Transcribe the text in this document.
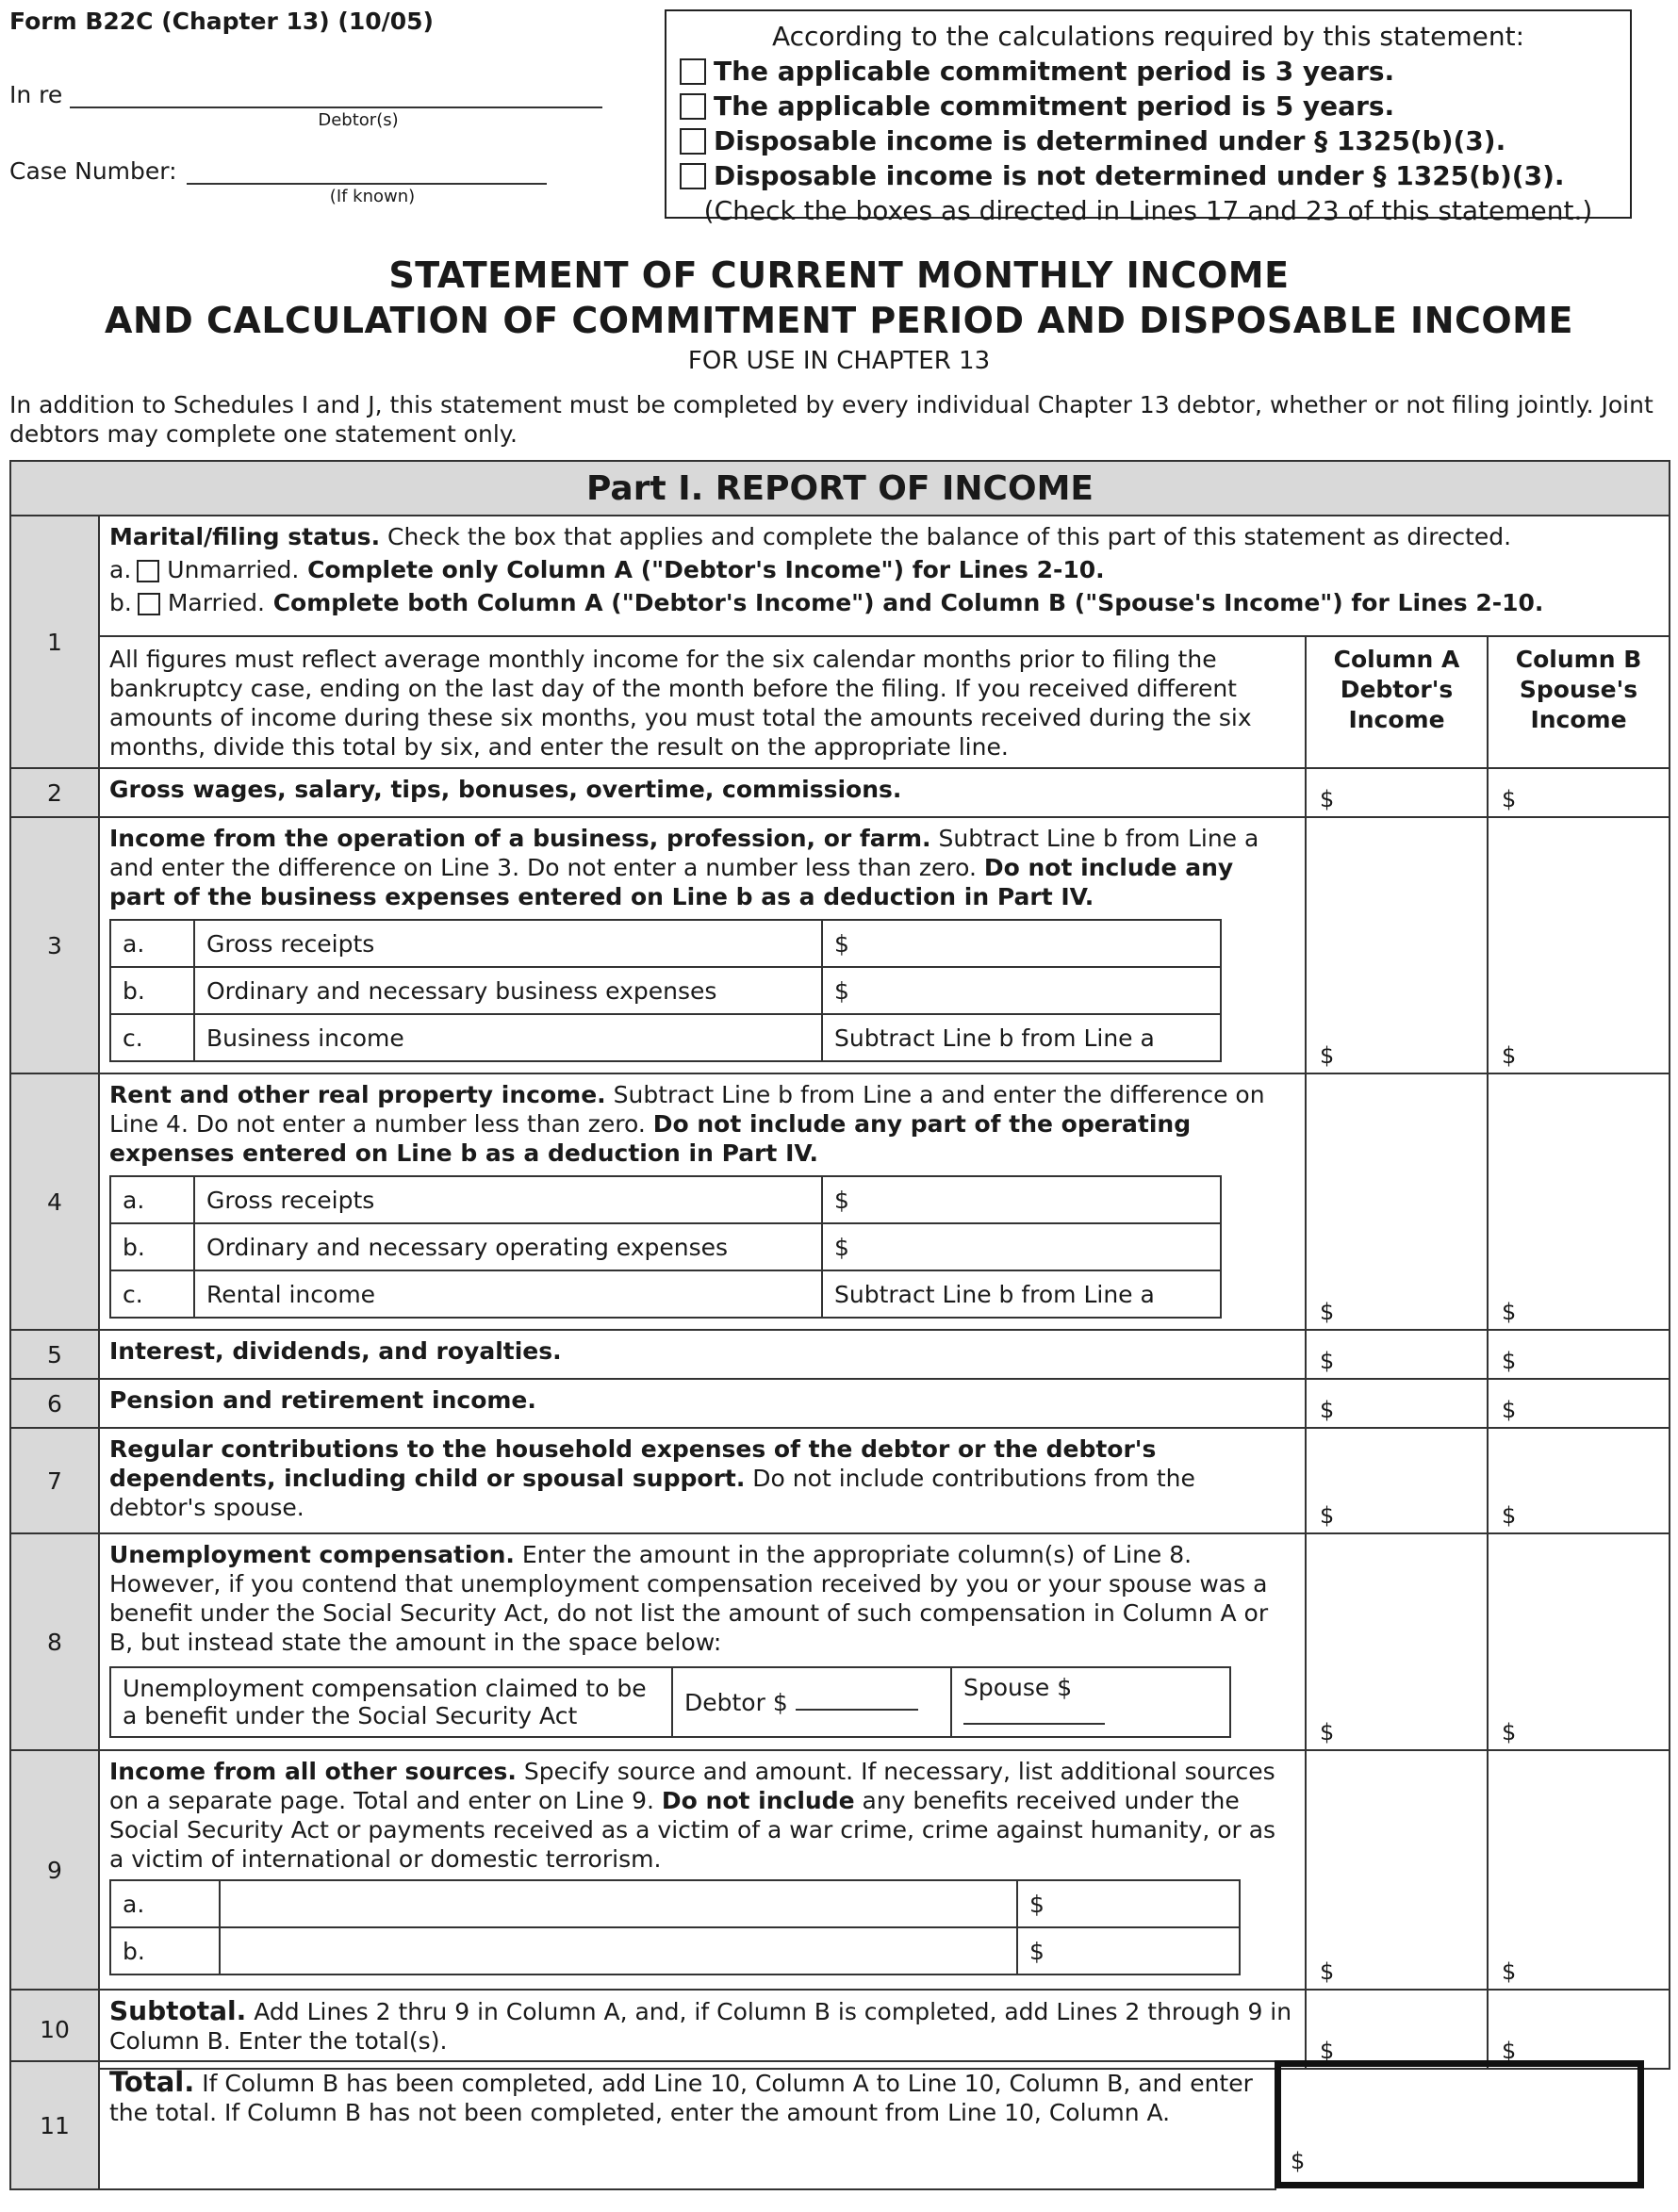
Form B22C (Chapter 13) (10/05)
In re
Debtor(s)
Case Number:
(If known)
According to the calculations required by this statement:
The applicable commitment period is 3 years.
The applicable commitment period is 5 years.
Disposable income is determined under § 1325(b)(3).
Disposable income is not determined under § 1325(b)(3).
(Check the boxes as directed in Lines 17 and 23 of this statement.)
STATEMENT OF CURRENT MONTHLY INCOME
AND CALCULATION OF COMMITMENT PERIOD AND DISPOSABLE INCOME
FOR USE IN CHAPTER 13
In addition to Schedules I and J, this statement must be completed by every individual Chapter 13 debtor, whether or not filing jointly. Joint debtors may complete one statement only.
Part I. REPORT OF INCOME
1	
Marital/filing status. Check the box that applies and complete the balance of this part of this statement as directed.
a. Unmarried. Complete only Column A ("Debtor's Income") for Lines 2-10.
b. Married. Complete both Column A ("Debtor's Income") and Column B ("Spouse's Income") for Lines 2-10.

All figures must reflect average monthly income for the six calendar months prior to filing the bankruptcy case, ending on the last day of the month before the filing. If you received different amounts of income during these six months, you must total the amounts received during the six months, divide this total by six, and enter the result on the appropriate line.	
Column A
Debtor's
Income

Column B
Spouse's
Income

2	Gross wages, salary, tips, bonuses, overtime, commissions.	$	$

3	
Income from the operation of a business, profession, or farm. Subtract Line b from Line a and enter the difference on Line 3. Do not enter a number less than zero. Do not include any part of the business expenses entered on Line b as a deduction in Part IV.
a.	Gross receipts	$
b.	Ordinary and necessary business expenses	$
c.	Business income	Subtract Line b from Line a

$	$

4	
Rent and other real property income. Subtract Line b from Line a and enter the difference on Line 4. Do not enter a number less than zero. Do not include any part of the operating expenses entered on Line b as a deduction in Part IV.
a.	Gross receipts	$
b.	Ordinary and necessary operating expenses	$
c.	Rental income	Subtract Line b from Line a

$	$

5	Interest, dividends, and royalties.	$	$

6	Pension and retirement income.	$	$

7	Regular contributions to the household expenses of the debtor or the debtor's dependents, including child or spousal support. Do not include contributions from the debtor's spouse.	$	$

8	
Unemployment compensation. Enter the amount in the appropriate column(s) of Line 8. However, if you contend that unemployment compensation received by you or your spouse was a benefit under the Social Security Act, do not list the amount of such compensation in Column A or B, but instead state the amount in the space below:
Unemployment compensation claimed to be a benefit under the Social Security Act	Debtor $	Spouse $

$	$

9	
Income from all other sources. Specify source and amount. If necessary, list additional sources on a separate page. Total and enter on Line 9. Do not include any benefits received under the Social Security Act or payments received as a victim of a war crime, crime against humanity, or as a victim of international or domestic terrorism.
a.		$
b.		$

$	$

10	Subtotal. Add Lines 2 thru 9 in Column A, and, if Column B is completed, add Lines 2 through 9 in Column B. Enter the total(s).	$	$
11	Total. If Column B has been completed, add Line 10, Column A to Line 10, Column B, and enter the total. If Column B has not been completed, enter the amount from Line 10, Column A.	
$
